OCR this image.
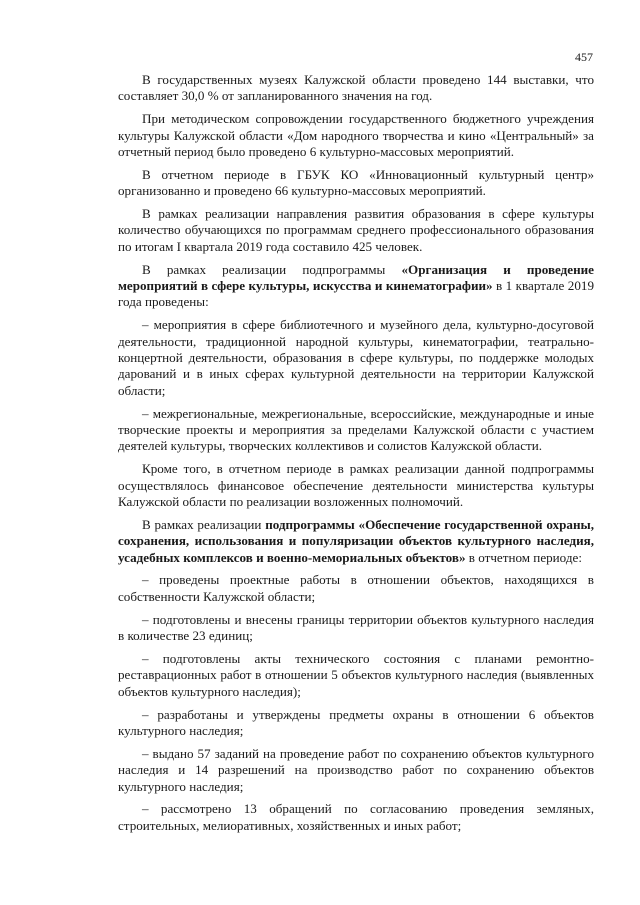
457

В государственных музеях Калужской области проведено 144 выставки, что составляет 30,0 % от запланированного значения на год.

При методическом сопровождении государственного бюджетного учреждения культуры Калужской области «Дом народного творчества и кино «Центральный» за отчетный период было проведено 6 культурно-массовых мероприятий.

В отчетном периоде в ГБУК КО «Инновационный культурный центр» организованно и проведено 66 культурно-массовых мероприятий.

В рамках реализации направления развития образования в сфере культуры количество обучающихся по программам среднего профессионального образования по итогам I квартала 2019 года составило 425 человек.

В рамках реализации подпрограммы «Организация и проведение мероприятий в сфере культуры, искусства и кинематографии» в 1 квартале 2019 года проведены:

– мероприятия в сфере библиотечного и музейного дела, культурно-досуговой деятельности, традиционной народной культуры, кинематографии, театрально-концертной деятельности, образования в сфере культуры, по поддержке молодых дарований и в иных сферах культурной деятельности на территории Калужской области;

– межрегиональные, межрегиональные, всероссийские, международные и иные творческие проекты и мероприятия за пределами Калужской области с участием деятелей культуры, творческих коллективов и солистов Калужской области.

Кроме того, в отчетном периоде в рамках реализации данной подпрограммы осуществлялось финансовое обеспечение деятельности министерства культуры Калужской области по реализации возложенных полномочий.

В рамках реализации подпрограммы «Обеспечение государственной охраны, сохранения, использования и популяризации объектов культурного наследия, усадебных комплексов и военно-мемориальных объектов» в отчетном периоде:

– проведены проектные работы в отношении объектов, находящихся в собственности Калужской области;

– подготовлены и внесены границы территории объектов культурного наследия в количестве 23 единиц;

– подготовлены акты технического состояния с планами ремонтно-реставрационных работ в отношении 5 объектов культурного наследия (выявленных объектов культурного наследия);

– разработаны и утверждены предметы охраны в отношении 6 объектов культурного наследия;

– выдано 57 заданий на проведение работ по сохранению объектов культурного наследия и 14 разрешений на производство работ по сохранению объектов культурного наследия;

– рассмотрено 13 обращений по согласованию проведения земляных, строительных, мелиоративных, хозяйственных и иных работ;
